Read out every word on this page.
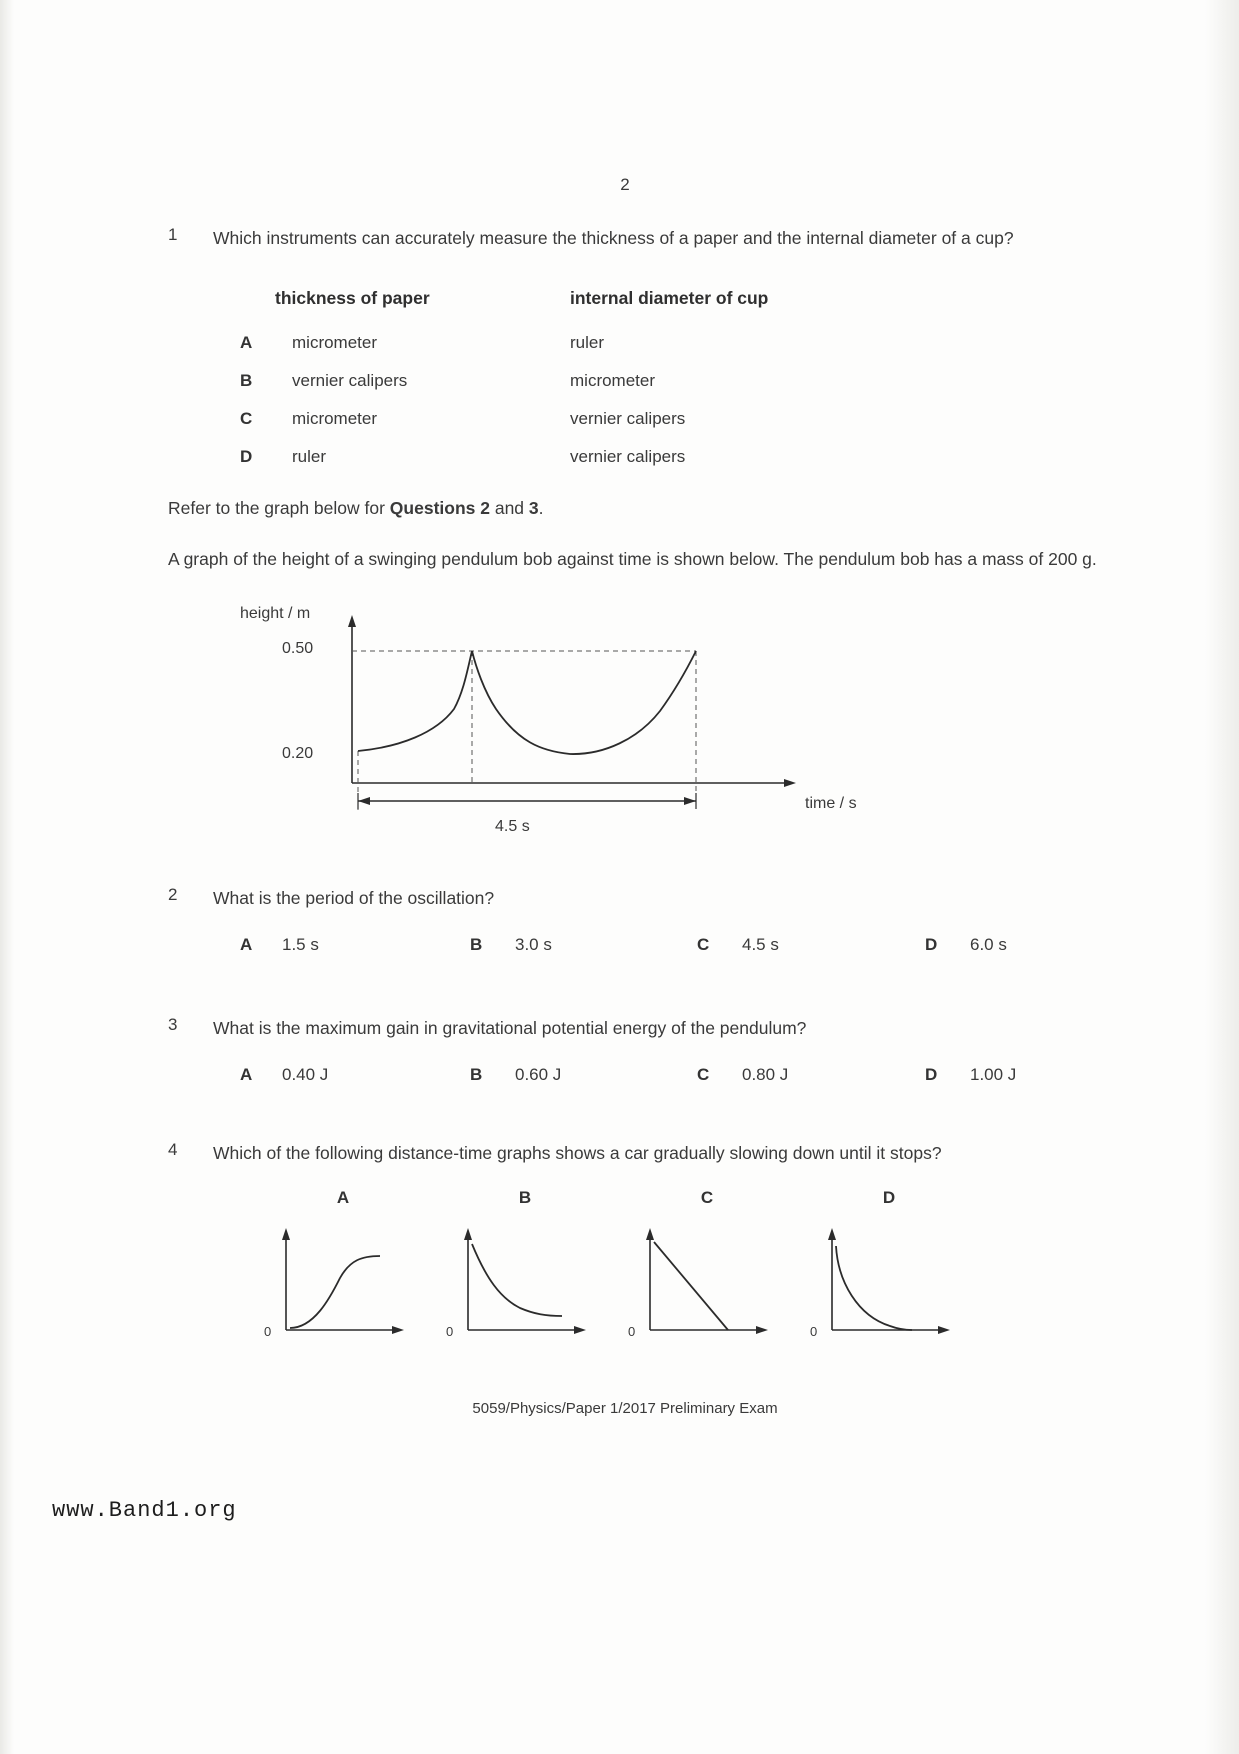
2
1 Which instruments can accurately measure the thickness of a paper and the internal diameter of a cup?
thickness of paper	internal diameter of cup
A micrometer	ruler
B vernier calipers	micrometer
C micrometer	vernier calipers
D ruler	vernier calipers
Refer to the graph below for Questions 2 and 3.
A graph of the height of a swinging pendulum bob against time is shown below. The pendulum bob has a mass of 200 g.
height / m
time / s
0.50
0.20
4.5 s
2 What is the period of the oscillation?
A 1.5 s	B 3.0 s	C 4.5 s	D 6.0 s
3 What is the maximum gain in gravitational potential energy of the pendulum?
A 0.40 J	B 0.60 J	C 0.80 J	D 1.00 J
4 Which of the following distance-time graphs shows a car gradually slowing down until it stops?
A
0
B
0
C
0
D
0
5059/Physics/Paper 1/2017 Preliminary Exam
www.Band1.org
